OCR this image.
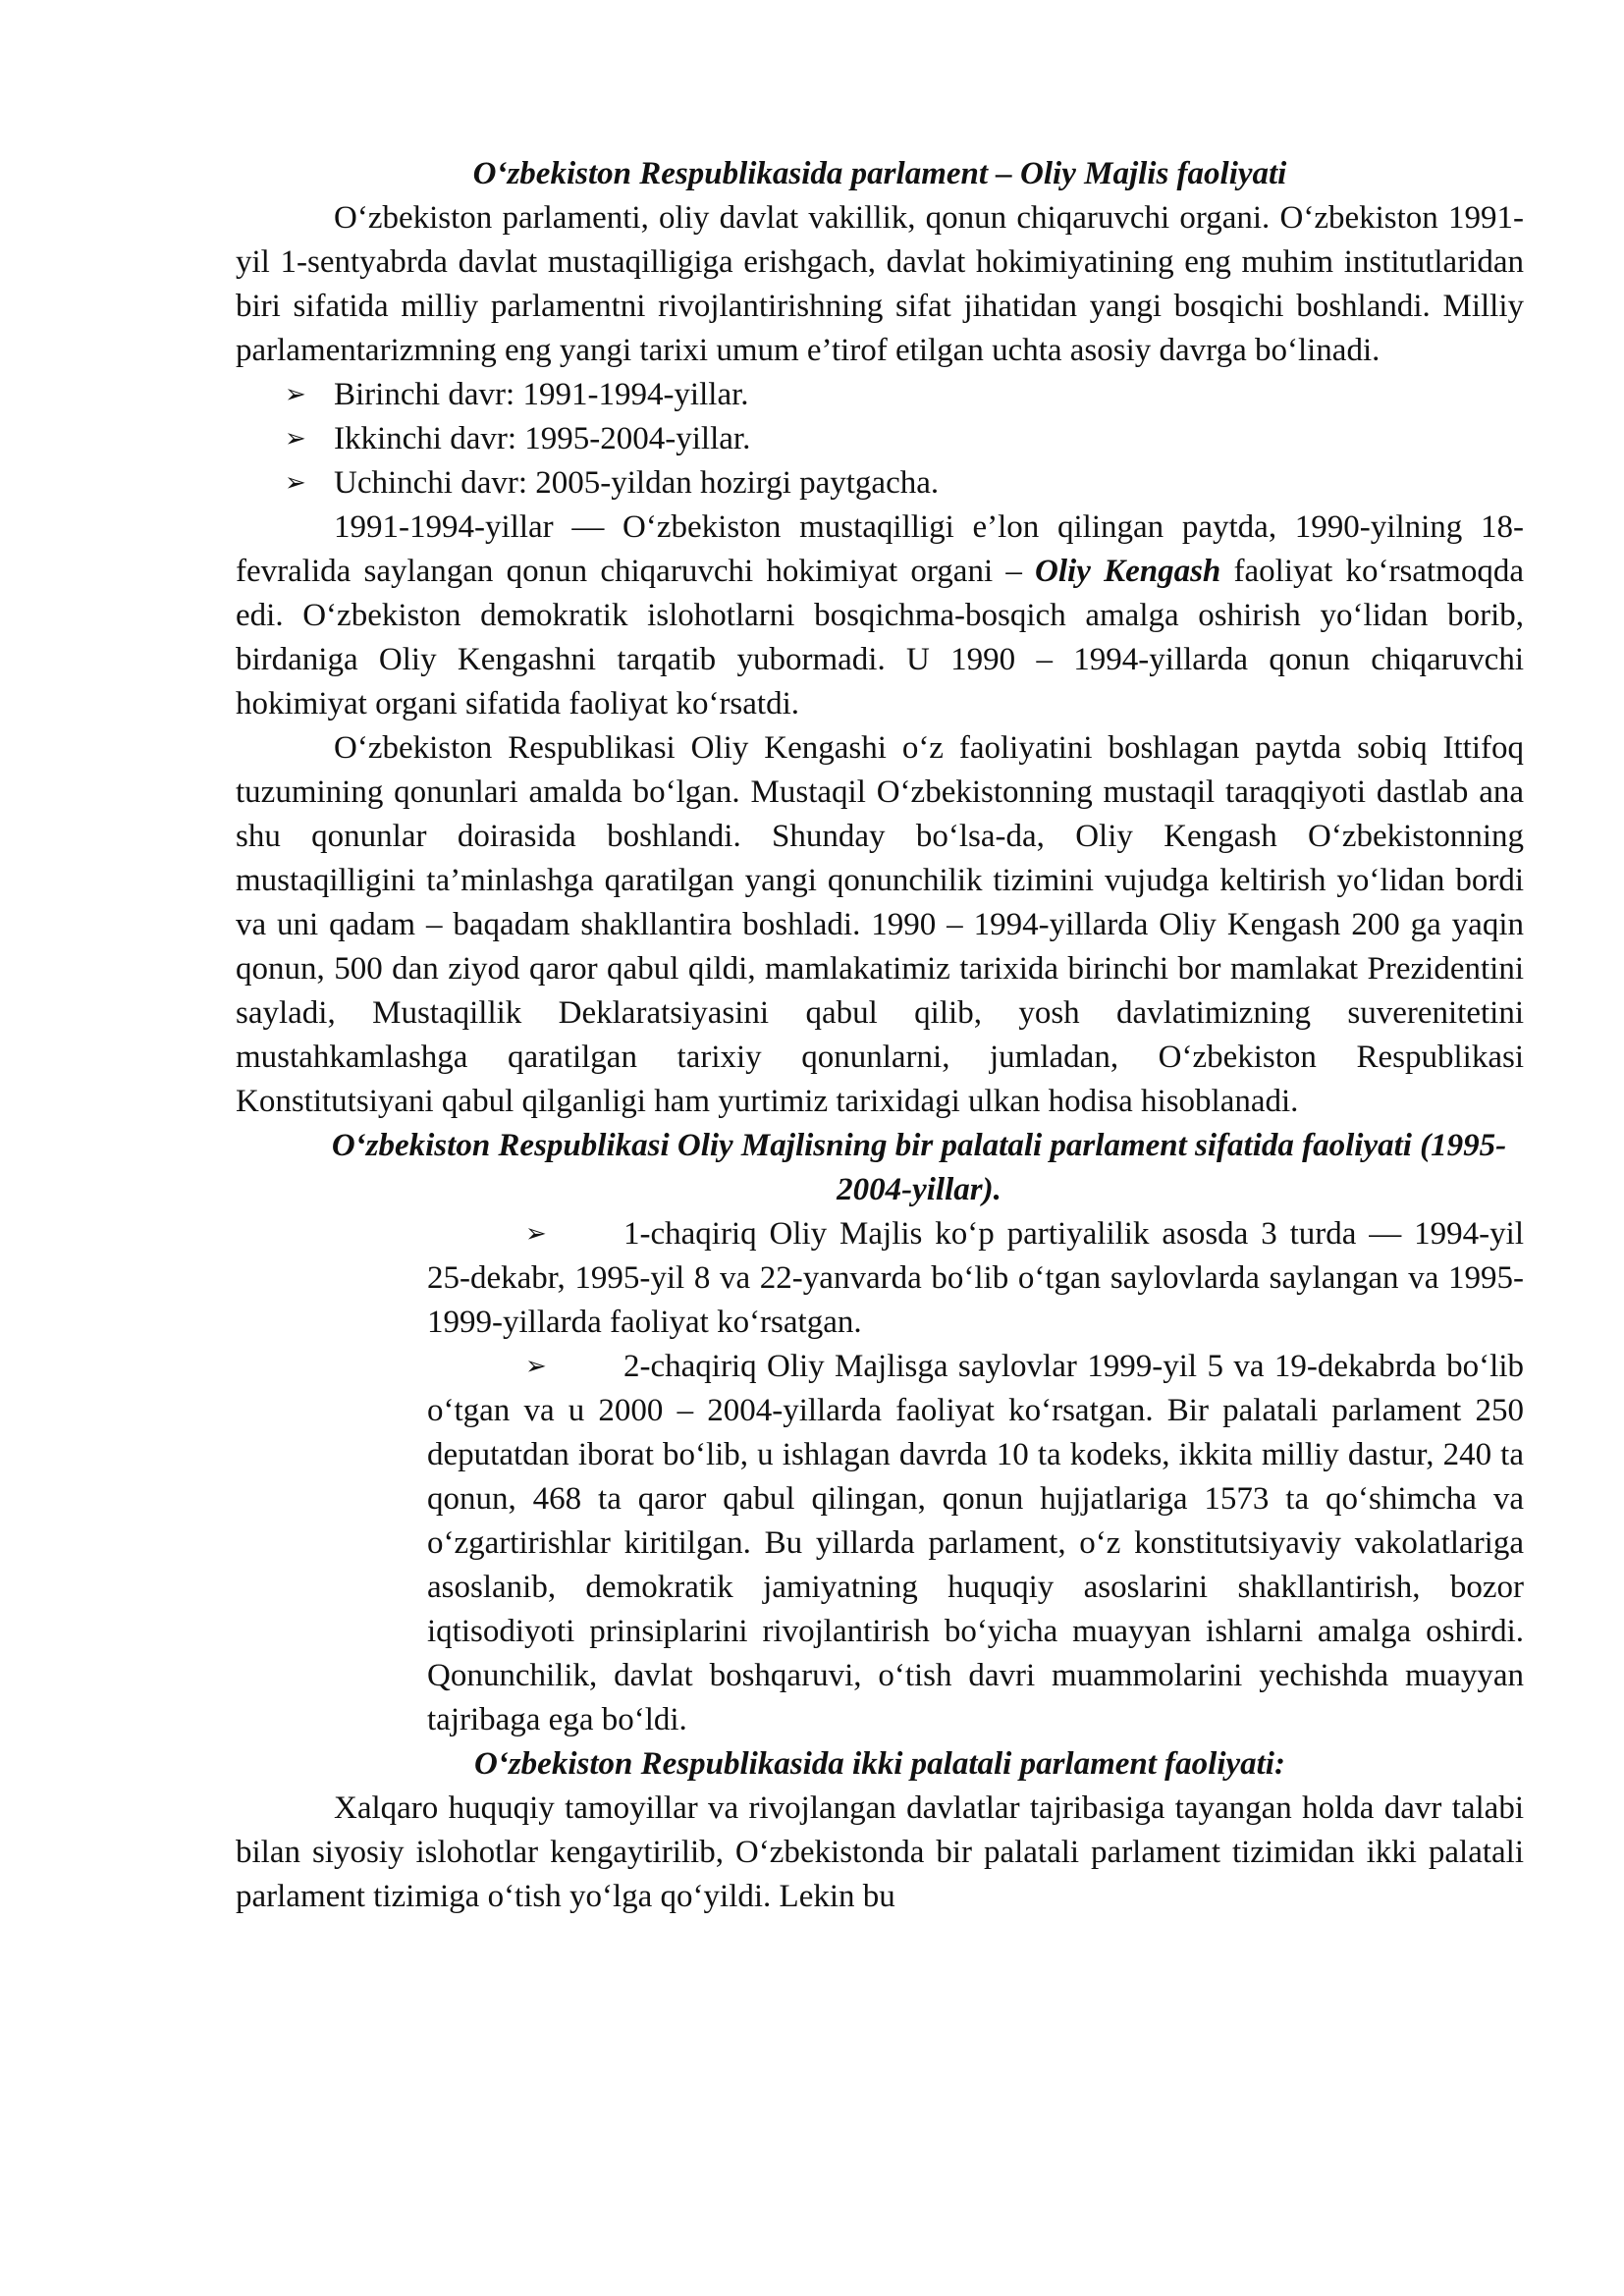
O‘zbekiston Respublikasida parlament – Oliy Majlis faoliyati

O‘zbekiston parlamenti, oliy davlat vakillik, qonun chiqaruvchi organi. O‘zbekiston 1991-yil 1-sentyabrda davlat mustaqilligiga erishgach, davlat hokimiyatining eng muhim institutlaridan biri sifatida milliy parlamentni rivojlantirishning sifat jihatidan yangi bosqichi boshlandi. Milliy parlamentarizmning eng yangi tarixi umum e’tirof etilgan uchta asosiy davrga bo‘linadi.

➢ Birinchi davr: 1991-1994-yillar.
➢ Ikkinchi davr: 1995-2004-yillar.
➢ Uchinchi davr: 2005-yildan hozirgi paytgacha.

1991-1994-yillar — O‘zbekiston mustaqilligi e’lon qilingan paytda, 1990-yilning 18-fevralida saylangan qonun chiqaruvchi hokimiyat organi – Oliy Kengash faoliyat ko‘rsatmoqda edi. O‘zbekiston demokratik islohotlarni bosqichma-bosqich amalga oshirish yo‘lidan borib, birdaniga Oliy Kengashni tarqatib yubormadi. U 1990 – 1994-yillarda qonun chiqaruvchi hokimiyat organi sifatida faoliyat ko‘rsatdi.

O‘zbekiston Respublikasi Oliy Kengashi o‘z faoliyatini boshlagan paytda sobiq Ittifoq tuzumining qonunlari amalda bo‘lgan. Mustaqil O‘zbekistonning mustaqil taraqqiyoti dastlab ana shu qonunlar doirasida boshlandi. Shunday bo‘lsa-da, Oliy Kengash O‘zbekistonning mustaqilligini ta’minlashga qaratilgan yangi qonunchilik tizimini vujudga keltirish yo‘lidan bordi va uni qadam – baqadam shakllantira boshladi. 1990 – 1994-yillarda Oliy Kengash 200 ga yaqin qonun, 500 dan ziyod qaror qabul qildi, mamlakatimiz tarixida birinchi bor mamlakat Prezidentini sayladi, Mustaqillik Deklaratsiyasini qabul qilib, yosh davlatimizning suverenitetini mustahkamlashga qaratilgan tarixiy qonunlarni, jumladan, O‘zbekiston Respublikasi Konstitutsiyani qabul qilganligi ham yurtimiz tarixidagi ulkan hodisa hisoblanadi.

O‘zbekiston Respublikasi Oliy Majlisning bir palatali parlament sifatida faoliyati (1995-2004-yillar).

➢ 1-chaqiriq Oliy Majlis ko‘p partiyalilik asosda 3 turda — 1994-yil 25-dekabr, 1995-yil 8 va 22-yanvarda bo‘lib o‘tgan saylovlarda saylangan va 1995-1999-yillarda faoliyat ko‘rsatgan.

➢ 2-chaqiriq Oliy Majlisga saylovlar 1999-yil 5 va 19-dekabrda bo‘lib o‘tgan va u 2000 – 2004-yillarda faoliyat ko‘rsatgan. Bir palatali parlament 250 deputatdan iborat bo‘lib, u ishlagan davrda 10 ta kodeks, ikkita milliy dastur, 240 ta qonun, 468 ta qaror qabul qilingan, qonun hujjatlariga 1573 ta qo‘shimcha va o‘zgartirishlar kiritilgan. Bu yillarda parlament, o‘z konstitutsiyaviy vakolatlariga asoslanib, demokratik jamiyatning huquqiy asoslarini shakllantirish, bozor iqtisodiyoti prinsiplarini rivojlantirish bo‘yicha muayyan ishlarni amalga oshirdi. Qonunchilik, davlat boshqaruvi, o‘tish davri muammolarini yechishda muayyan tajribaga ega bo‘ldi.

O‘zbekiston Respublikasida ikki palatali parlament faoliyati:

Xalqaro huquqiy tamoyillar va rivojlangan davlatlar tajribasiga tayangan holda davr talabi bilan siyosiy islohotlar kengaytirilib, O‘zbekistonda bir palatali parlament tizimidan ikki palatali parlament tizimiga o‘tish yo‘lga qo‘yildi. Lekin bu
